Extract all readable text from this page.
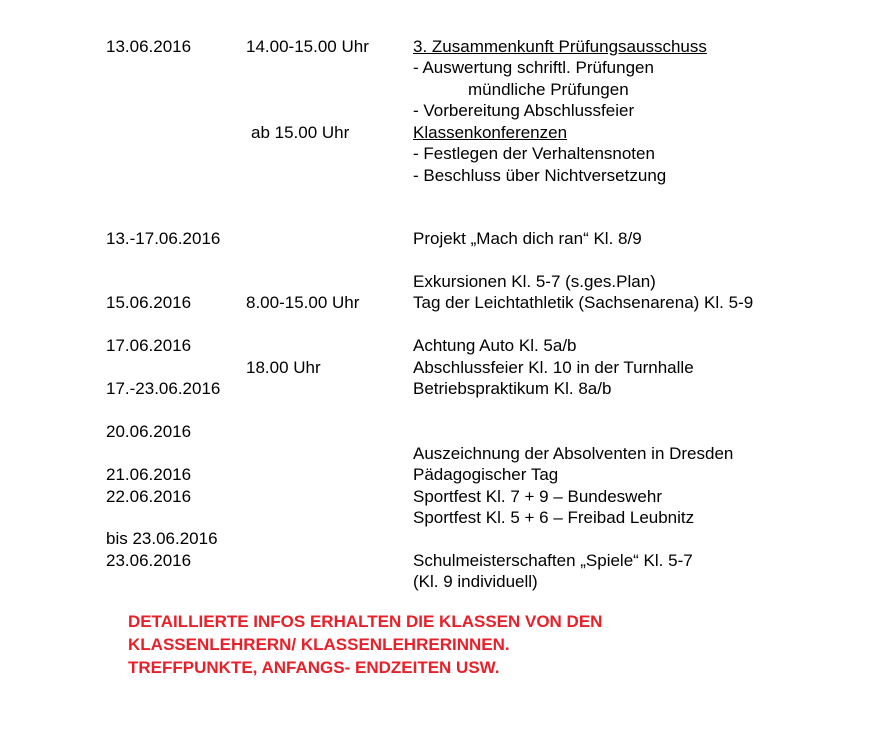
13.06.2016
13.-17.06.2016
15.06.2016
17.06.2016
17.-23.06.2016
20.06.2016
21.06.2016
22.06.2016
bis 23.06.2016
23.06.2016
14.00-15.00 Uhr
ab 15.00 Uhr
8.00-15.00 Uhr
18.00 Uhr
3. Zusammenkunft Prüfungsausschuss
- Auswertung schriftl. Prüfungen
mündliche Prüfungen
- Vorbereitung Abschlussfeier
Klassenkonferenzen
- Festlegen der Verhaltensnoten
- Beschluss über Nichtversetzung
Projekt „Mach dich ran“ Kl. 8/9
Exkursionen Kl. 5-7 (s.ges.Plan)
Tag der Leichtathletik (Sachsenarena) Kl. 5-9
Achtung Auto Kl. 5a/b
Abschlussfeier Kl. 10 in der Turnhalle
Betriebspraktikum Kl. 8a/b
Auszeichnung der Absolventen in Dresden
Pädagogischer Tag
Sportfest Kl. 7 + 9 – Bundeswehr
Sportfest Kl. 5 + 6 – Freibad Leubnitz
Schulmeisterschaften „Spiele“ Kl. 5-7
(Kl. 9 individuell)
DETAILLIERTE INFOS ERHALTEN DIE KLASSEN VON DEN
KLASSENLEHRERN/ KLASSENLEHRERINNEN.
TREFFPUNKTE, ANFANGS- ENDZEITEN USW.
